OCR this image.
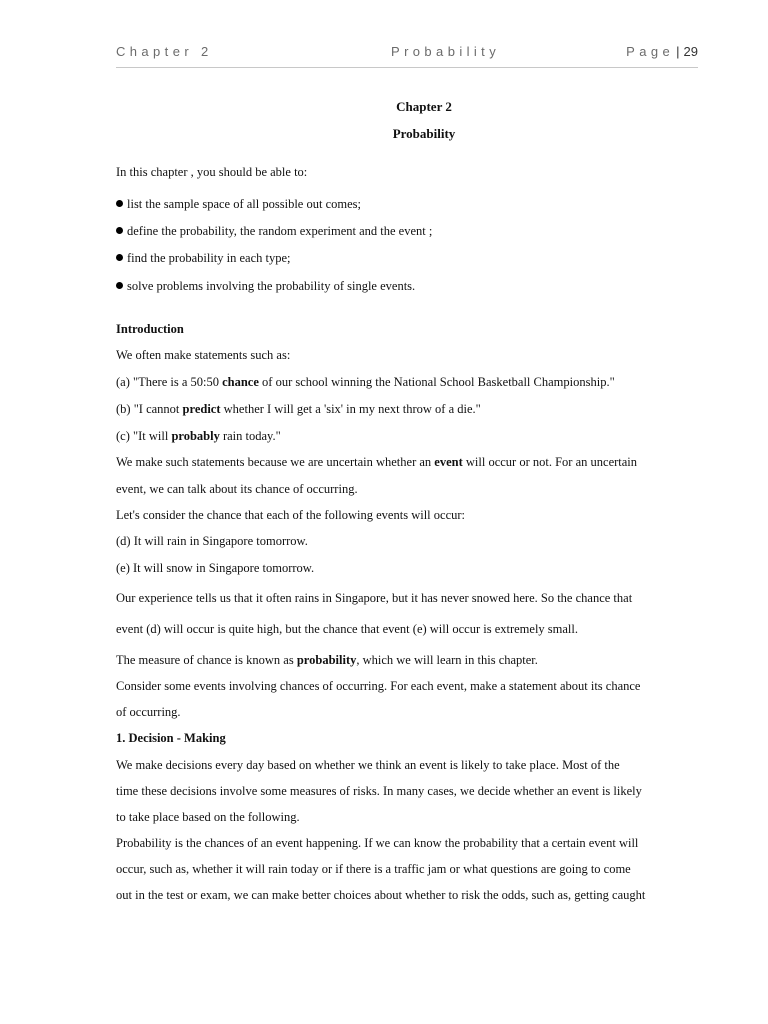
Chapter 2	Probability	Page | 29
Chapter 2
Probability
In this chapter , you should be able to:
list the sample space of all possible out comes;
define the probability, the random experiment and the event ;
find the probability in each type;
solve problems involving the probability of single events.
Introduction
We often make statements such as:
(a) "There is a 50:50 chance of our school winning the National School Basketball Championship."
(b) "I cannot predict whether I will get a 'six' in my next throw of a die."
(c) "It will probably rain today."
We make such statements because we are uncertain whether an event will occur or not. For an uncertain
event, we can talk about its chance of occurring.
Let's consider the chance that each of the following events will occur:
(d) It will rain in Singapore tomorrow.
(e) It will snow in Singapore tomorrow.
Our experience tells us that it often rains in Singapore, but it has never snowed here. So the chance that
event (d) will occur is quite high, but the chance that event (e) will occur is extremely small.
The measure of chance is known as probability, which we will learn in this chapter.
Consider some events involving chances of occurring. For each event, make a statement about its chance
of occurring.
1. Decision - Making
We make decisions every day based on whether we think an event is likely to take place. Most of the
time these decisions involve some measures of risks. In many cases, we decide whether an event is likely
to take place based on the following.
Probability is the chances of an event happening. If we can know the probability that a certain event will
occur, such as, whether it will rain today or if there is a traffic jam or what questions are going to come
out in the test or exam, we can make better choices about whether to risk the odds, such as, getting caught
